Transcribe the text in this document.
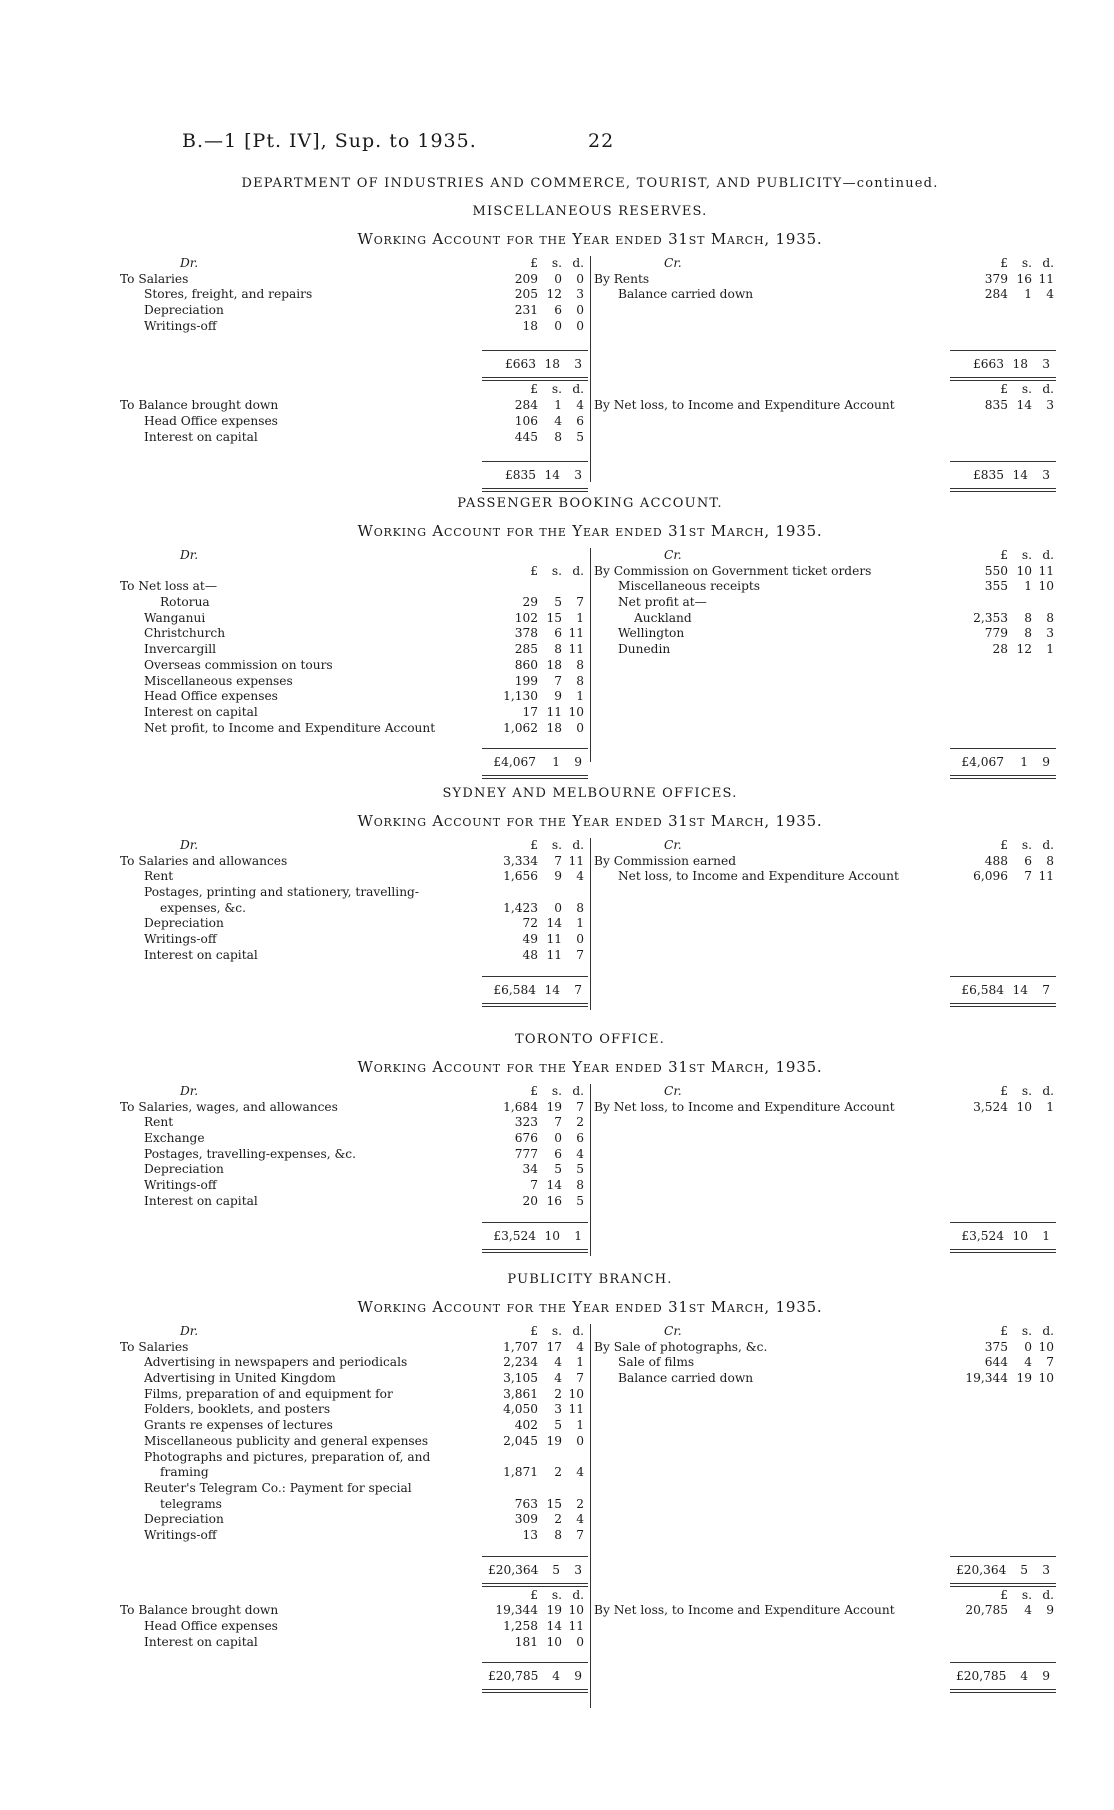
B.—1 [Pt. IV], Sup. to 1935.	22
DEPARTMENT OF INDUSTRIES AND COMMERCE, TOURIST, AND PUBLICITY—continued.
MISCELLANEOUS RESERVES.
Working Account for the Year ended 31st March, 1935.
Dr.	£	s. d.
To Salaries	209	0	0
Stores, freight, and repairs	205 12	3
Depreciation	231	6	0
Writings-off	18	0	0
£663 18	3
£	s. d.
To Balance brought down	284	1	4
Head Office expenses	106	4	6
Interest on capital	445	8	5
£835 14	3
Cr.	£	s. d.
By Rents	379 16 11
Balance carried down	284	1	4
£663 18	3
£	s. d.
By Net loss, to Income and Expenditure Account	835 14	3
£835 14	3
PASSENGER BOOKING ACCOUNT.
Working Account for the Year ended 31st March, 1935.
Dr.
£	s. d.
To Net loss at—
Rotorua	29	5	7
Wanganui	102 15	1
Christchurch	378	6 11
Invercargill	285	8 11
Overseas commission on tours	860 18	8
Miscellaneous expenses	199	7	8
Head Office expenses	1,130	9	1
Interest on capital	17 11 10
Net profit, to Income and Expenditure Account	1,062 18	0
£4,067	1	9
Cr.	£	s. d.
By Commission on Government ticket orders	550 10 11
Miscellaneous receipts	355	1 10
Net profit at—
Auckland	2,353	8	8
Wellington	779	8	3
Dunedin	28 12	1
£4,067	1	9
SYDNEY AND MELBOURNE OFFICES.
Working Account for the Year ended 31st March, 1935.
Dr.	£	s. d.
To Salaries and allowances	3,334	7 11
Rent	1,656	9	4
Postages, printing and stationery, travelling-
expenses, &c.	1,423	0	8
Depreciation	72 14	1
Writings-off	49 11	0
Interest on capital	48 11	7
£6,584 14	7
Cr.	£	s. d.
By Commission earned	488	6	8
Net loss, to Income and Expenditure Account	6,096	7 11
£6,584 14	7
TORONTO OFFICE.
Working Account for the Year ended 31st March, 1935.
Dr.	£	s. d.
To Salaries, wages, and allowances	1,684 19	7
Rent	323	7	2
Exchange	676	0	6
Postages, travelling-expenses, &c.	777	6	4
Depreciation	34	5	5
Writings-off	7 14	8
Interest on capital	20 16	5
£3,524 10	1
Cr.	£	s. d.
By Net loss, to Income and Expenditure Account	3,524 10	1
£3,524 10	1
PUBLICITY BRANCH.
Working Account for the Year ended 31st March, 1935.
Dr.	£	s. d.
To Salaries	1,707 17	4
Advertising in newspapers and periodicals	2,234	4	1
Advertising in United Kingdom	3,105	4	7
Films, preparation of and equipment for	3,861	2 10
Folders, booklets, and posters	4,050	3 11
Grants re expenses of lectures	402	5	1
Miscellaneous publicity and general expenses	2,045 19	0
Photographs and pictures, preparation of, and
framing	1,871	2	4
Reuter's Telegram Co.: Payment for special
telegrams	763 15	2
Depreciation	309	2	4
Writings-off	13	8	7
£20,364	5	3
£	s. d.
To Balance brought down	19,344 19 10
Head Office expenses	1,258 14 11
Interest on capital	181 10	0
£20,785	4	9
Cr.	£	s. d.
By Sale of photographs, &c.	375	0 10
Sale of films	644	4	7
Balance carried down	19,344 19 10
£20,364	5	3
£	s. d.
By Net loss, to Income and Expenditure Account	20,785	4	9
£20,785	4	9
